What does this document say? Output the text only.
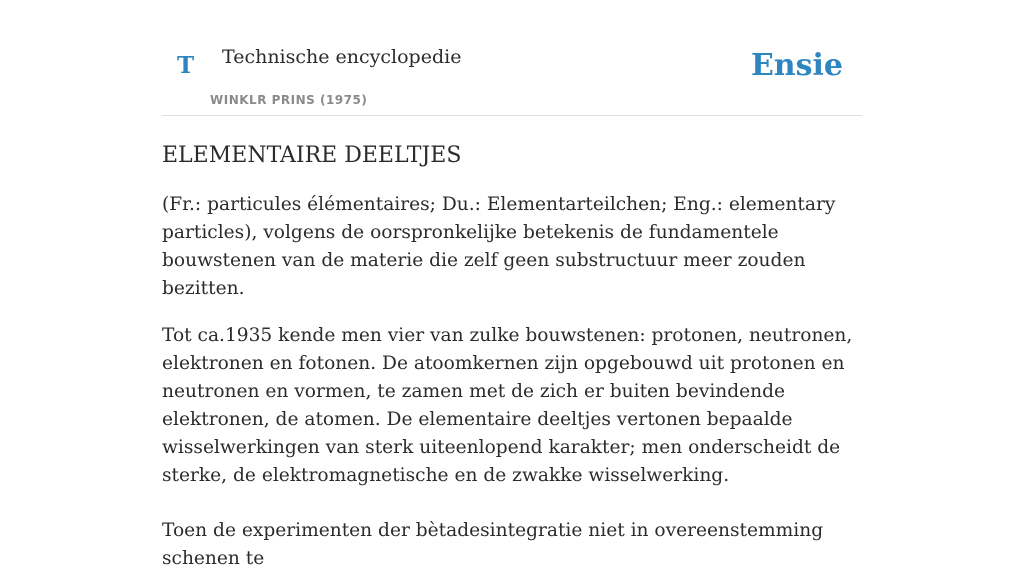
T Technische encyclopedie
WINKLR PRINS (1975)
Ensie
ELEMENTAIRE DEELTJES

(Fr.: particules élémentaires; Du.: Elementarteilchen; Eng.: elementary particles), volgens de oorspronkelijke betekenis de fundamentele bouwstenen van de materie die zelf geen substructuur meer zouden bezitten.

Tot ca.1935 kende men vier van zulke bouwstenen: protonen, neutronen, elektronen en fotonen. De atoomkernen zijn opgebouwd uit protonen en neutronen en vormen, te zamen met de zich er buiten bevindende elektronen, de atomen. De elementaire deeltjes vertonen bepaalde wisselwerkingen van sterk uiteenlopend karakter; men onderscheidt de sterke, de elektromagnetische en de zwakke wisselwerking.

Toen de experimenten der bètadesintegratie niet in overeenstemming schenen te
